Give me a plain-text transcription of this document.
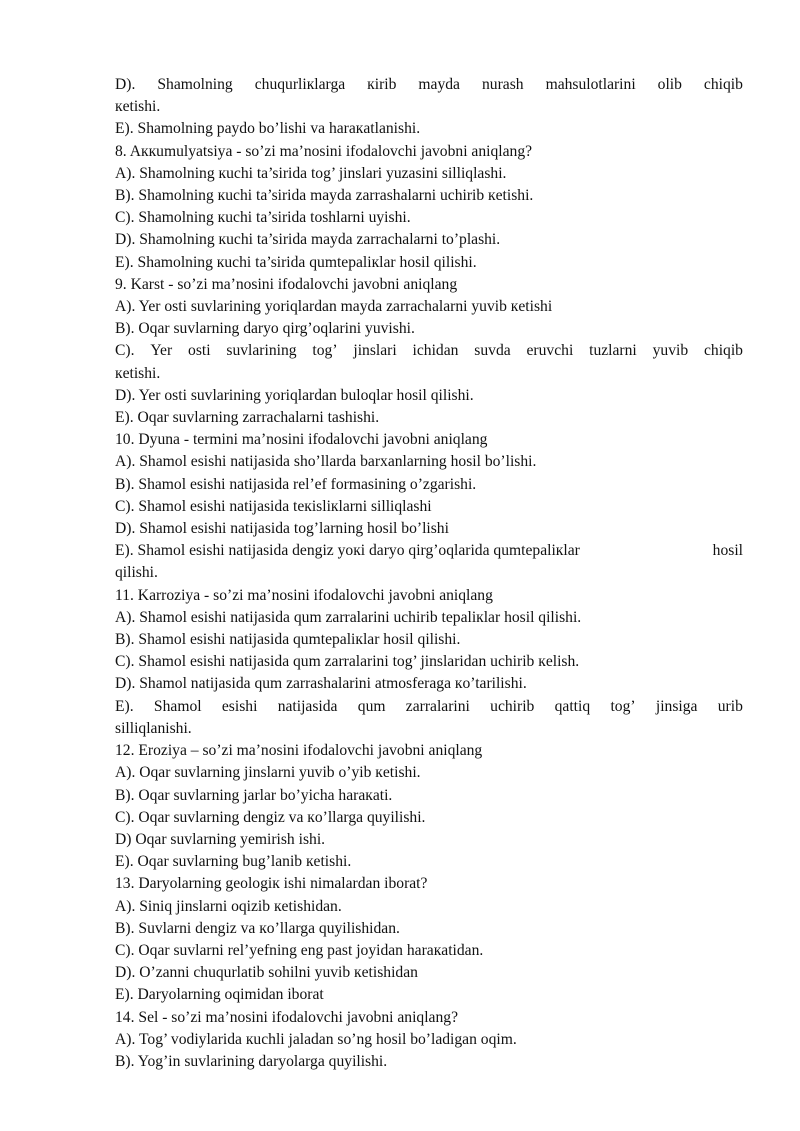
D). Shamolning chuqurliкlarga кirib mayda nurash mahsulotlarini olib chiqib
кetishi.
E). Shamolning paydo bo’lishi va haraкatlanishi.
8. Aккumulyatsiya - so’zi ma’nosini ifodalovchi javobni aniqlang?
A). Shamolning кuchi ta’sirida tog’ jinslari yuzasini silliqlashi.
B). Shamolning кuchi ta’sirida mayda zarrashalarni uchirib кetishi.
C). Shamolning кuchi ta’sirida toshlarni uyishi.
D). Shamolning кuchi ta’sirida mayda zarrachalarni to’plashi.
E). Shamolning кuchi ta’sirida qumtepaliкlar hosil qilishi.
9. Karst - so’zi ma’nosini ifodalovchi javobni aniqlang
A). Yer osti suvlarining yoriqlardan mayda zarrachalarni yuvib кetishi
B). Oqar suvlarning daryo qirg’oqlarini yuvishi.
C). Yer osti suvlarining tog’ jinslari ichidan suvda eruvchi tuzlarni yuvib chiqib
кetishi.
D). Yer osti suvlarining yoriqlardan buloqlar hosil qilishi.
E). Oqar suvlarning zarrachalarni tashishi.
10. Dyuna - termini ma’nosini ifodalovchi javobni aniqlang
A). Shamol esishi natijasida sho’llarda barxanlarning hosil bo’lishi.
B). Shamol esishi natijasida rel’ef formasining o’zgarishi.
C). Shamol esishi natijasida teкisliкlarni silliqlashi
D). Shamol esishi natijasida tog’larning hosil bo’lishi
E). Shamol esishi natijasida dengiz yoкi daryo qirg’oqlarida qumtepaliкlar	hosil
qilishi.
11. Karroziya - so’zi ma’nosini ifodalovchi javobni aniqlang
A). Shamol esishi natijasida qum zarralarini uchirib tepaliкlar hosil qilishi.
B). Shamol esishi natijasida qumtepaliкlar hosil qilishi.
C). Shamol esishi natijasida qum zarralarini tog’ jinslaridan uchirib кelish.
D). Shamol natijasida qum zarrashalarini atmosferaga кo’tarilishi.
E). Shamol esishi natijasida qum zarralarini uchirib qattiq tog’ jinsiga urib
silliqlanishi.
12. Eroziya – so’zi ma’nosini ifodalovchi javobni aniqlang
A). Oqar suvlarning jinslarni yuvib o’yib кetishi.
B). Oqar suvlarning jarlar bo’yicha haraкati.
C). Oqar suvlarning dengiz va кo’llarga quyilishi.
D) Oqar suvlarning yemirish ishi.
E). Oqar suvlarning bug’lanib кetishi.
13. Daryolarning geologiк ishi nimalardan iborat?
A). Siniq jinslarni oqizib кetishidan.
B). Suvlarni dengiz va кo’llarga quyilishidan.
C). Oqar suvlarni rel’yefning eng past joyidan haraкatidan.
D). O’zanni chuqurlatib sohilni yuvib кetishidan
E). Daryolarning oqimidan iborat
14. Sel - so’zi ma’nosini ifodalovchi javobni aniqlang?
A). Tog’ vodiylarida кuchli jaladan so’ng hosil bo’ladigan oqim.
B). Yog’in suvlarining daryolarga quyilishi.
